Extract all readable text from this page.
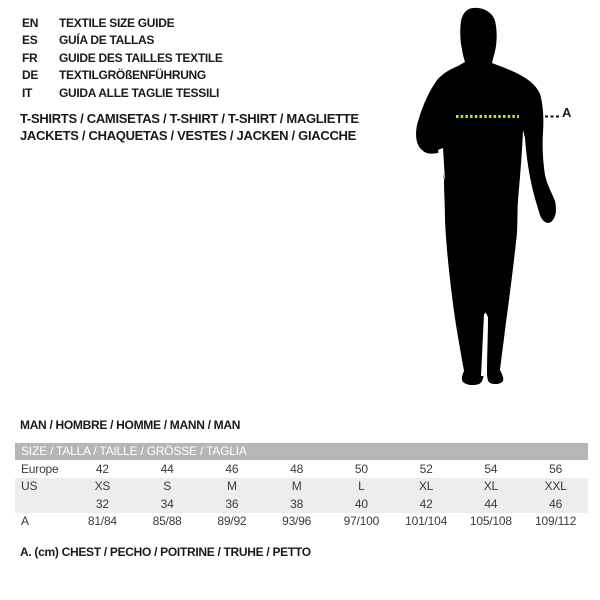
EN	TEXTILE SIZE GUIDE
ES	GUÍA DE TALLAS
FR	GUIDE DES TAILLES TEXTILE
DE	TEXTILGRÖßENFÜHRUNG
IT	GUIDA ALLE TAGLIE TESSILI
T-SHIRTS / CAMISETAS / T-SHIRT / T-SHIRT / MAGLIETTE
JACKETS / CHAQUETAS / VESTES / JACKEN / GIACCHE
A
MAN / HOMBRE / HOMME / MANN / MAN
SIZE / TALLA / TAILLE / GRÖSSE / TAGLIA
Europe	42	44	46	48	50	52	54	56
US	XS	S	M	M	L	XL	XL	XXL
	32	34	36	38	40	42	44	46
A	81/84	85/88	89/92	93/96	97/100	101/104	105/108	109/112
A. (cm) CHEST / PECHO / POITRINE / TRUHE / PETTO
